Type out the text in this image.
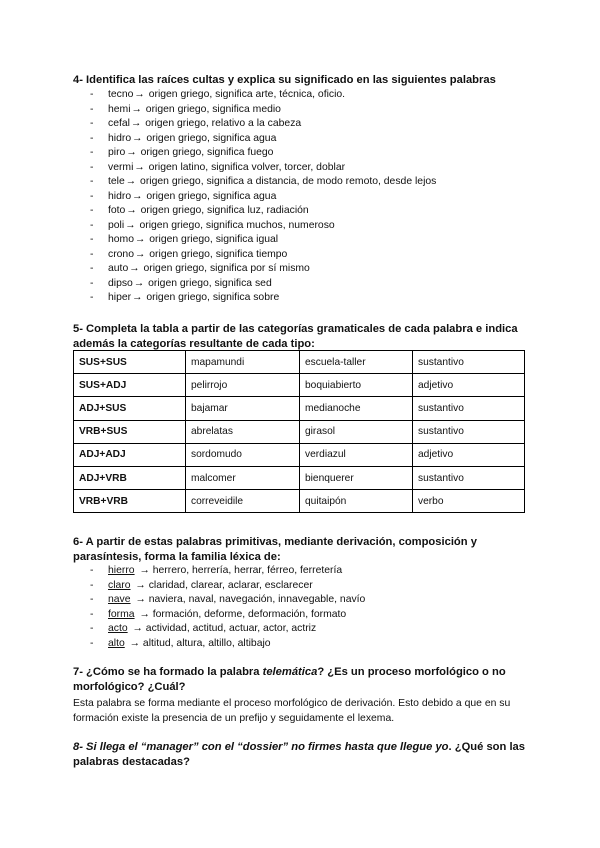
4- Identifica las raíces cultas y explica su significado en las siguientes palabras
- tecno→ origen griego, significa arte, técnica, oficio.
- hemi→ origen griego, significa medio
- cefal→ origen griego, relativo a la cabeza
- hidro→ origen griego, significa agua
- piro→ origen griego, significa fuego
- vermi→ origen latino, significa volver, torcer, doblar
- tele→ origen griego, significa a distancia, de modo remoto, desde lejos
- hidro→ origen griego, significa agua
- foto→ origen griego, significa luz, radiación
- poli→ origen griego, significa muchos, numeroso
- homo→ origen griego, significa igual
- crono→ origen griego, significa tiempo
- auto→ origen griego, significa por sí mismo
- dipso→ origen griego, significa sed
- hiper→ origen griego, significa sobre
5- Completa la tabla a partir de las categorías gramaticales de cada palabra e indica
además la categorías resultante de cada tipo:
SUS+SUS	mapamundi	escuela-taller	sustantivo
SUS+ADJ	pelirrojo	boquiabierto	adjetivo
ADJ+SUS	bajamar	medianoche	sustantivo
VRB+SUS	abrelatas	girasol	sustantivo
ADJ+ADJ	sordomudo	verdiazul	adjetivo
ADJ+VRB	malcomer	bienquerer	sustantivo
VRB+VRB	correveidile	quitaipón	verbo
6- A partir de estas palabras primitivas, mediante derivación, composición y
parasíntesis, forma la familia léxica de:
- hierro → herrero, herrería, herrar, férreo, ferretería
- claro → claridad, clarear, aclarar, esclarecer
- nave → naviera, naval, navegación, innavegable, navío
- forma → formación, deforme, deformación, formato
- acto → actividad, actitud, actuar, actor, actriz
- alto → altitud, altura, altillo, altibajo
7- ¿Cómo se ha formado la palabra telemática? ¿Es un proceso morfológico o no morfológico? ¿Cuál?
Esta palabra se forma mediante el proceso morfológico de derivación. Esto debido a que en su formación existe la presencia de un prefijo y seguidamente el lexema.
8- Si llega el “manager” con el “dossier” no firmes hasta que llegue yo. ¿Qué son las palabras destacadas?
